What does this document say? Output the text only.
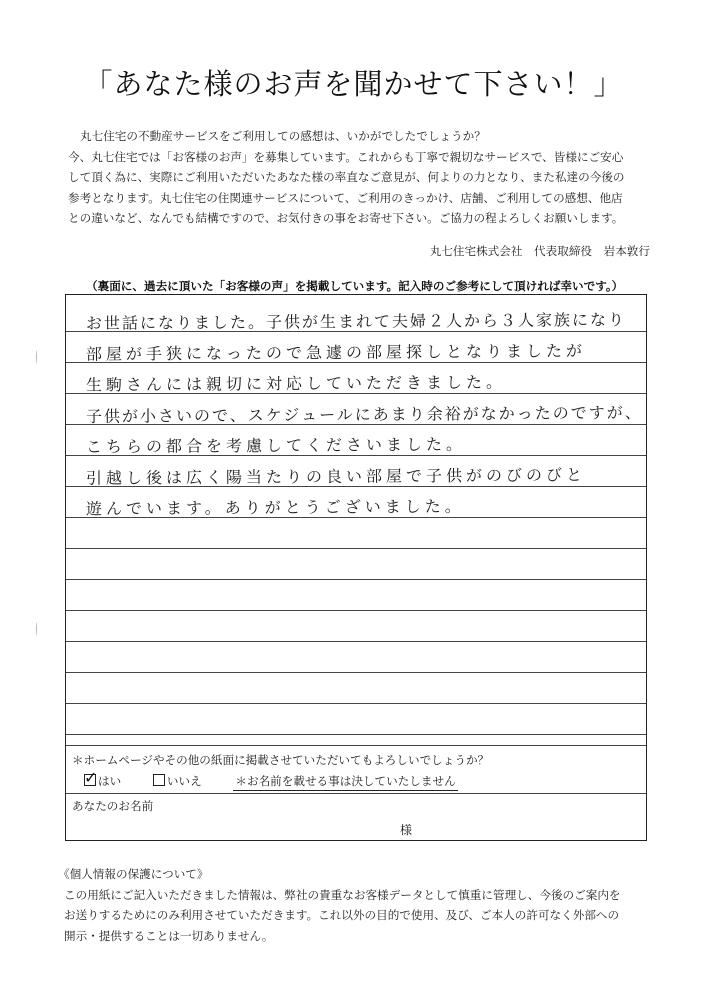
「あなた様のお声を聞かせて下さい！」

丸七住宅の不動産サービスをご利用しての感想は、いかがでしたでしょうか？

今、丸七住宅では「お客様のお声」を募集しています。これからも丁寧で親切なサービスで、皆様にご安心

して頂く為に、実際にご利用いただいたあなた様の率直なご意見が、何よりの力となり、また私達の今後の

参考となります。丸七住宅の住関連サービスについて、ご利用のきっかけ、店舗、ご利用しての感想、他店

との違いなど、なんでも結構ですので、お気付きの事をお寄せ下さい。ご協力の程よろしくお願いします。

丸七住宅株式会社　代表取締役　岩本敦行
お世話になりました。子供が生まれて夫婦２人から３人家族になり
部屋が手狭になったので急遽の部屋探しとなりましたが
生駒さんには親切に対応していただきました。
子供が小さいので、スケジュールにあまり余裕がなかったのですが、
こちらの都合を考慮してくださいました。
引越し後は広く陽当たりの良い部屋で子供がのびのびと
遊んでいます。ありがとうございました。
＊ホームページやその他の紙面に掲載させていただいてもよろしいでしょうか？
✓ はい	いいえ	＊お名前を載せる事は決していたしません
あなたのお名前
様
（裏面に、過去に頂いた「お客様の声」を掲載しています。記入時のご参考にして頂ければ幸いです。）

《個人情報の保護について》

この用紙にご記入いただきました情報は、弊社の貴重なお客様データとして慎重に管理し、今後のご案内を

お送りするためにのみ利用させていただきます。これ以外の目的で使用、及び、ご本人の許可なく外部への

開示・提供することは一切ありません。
